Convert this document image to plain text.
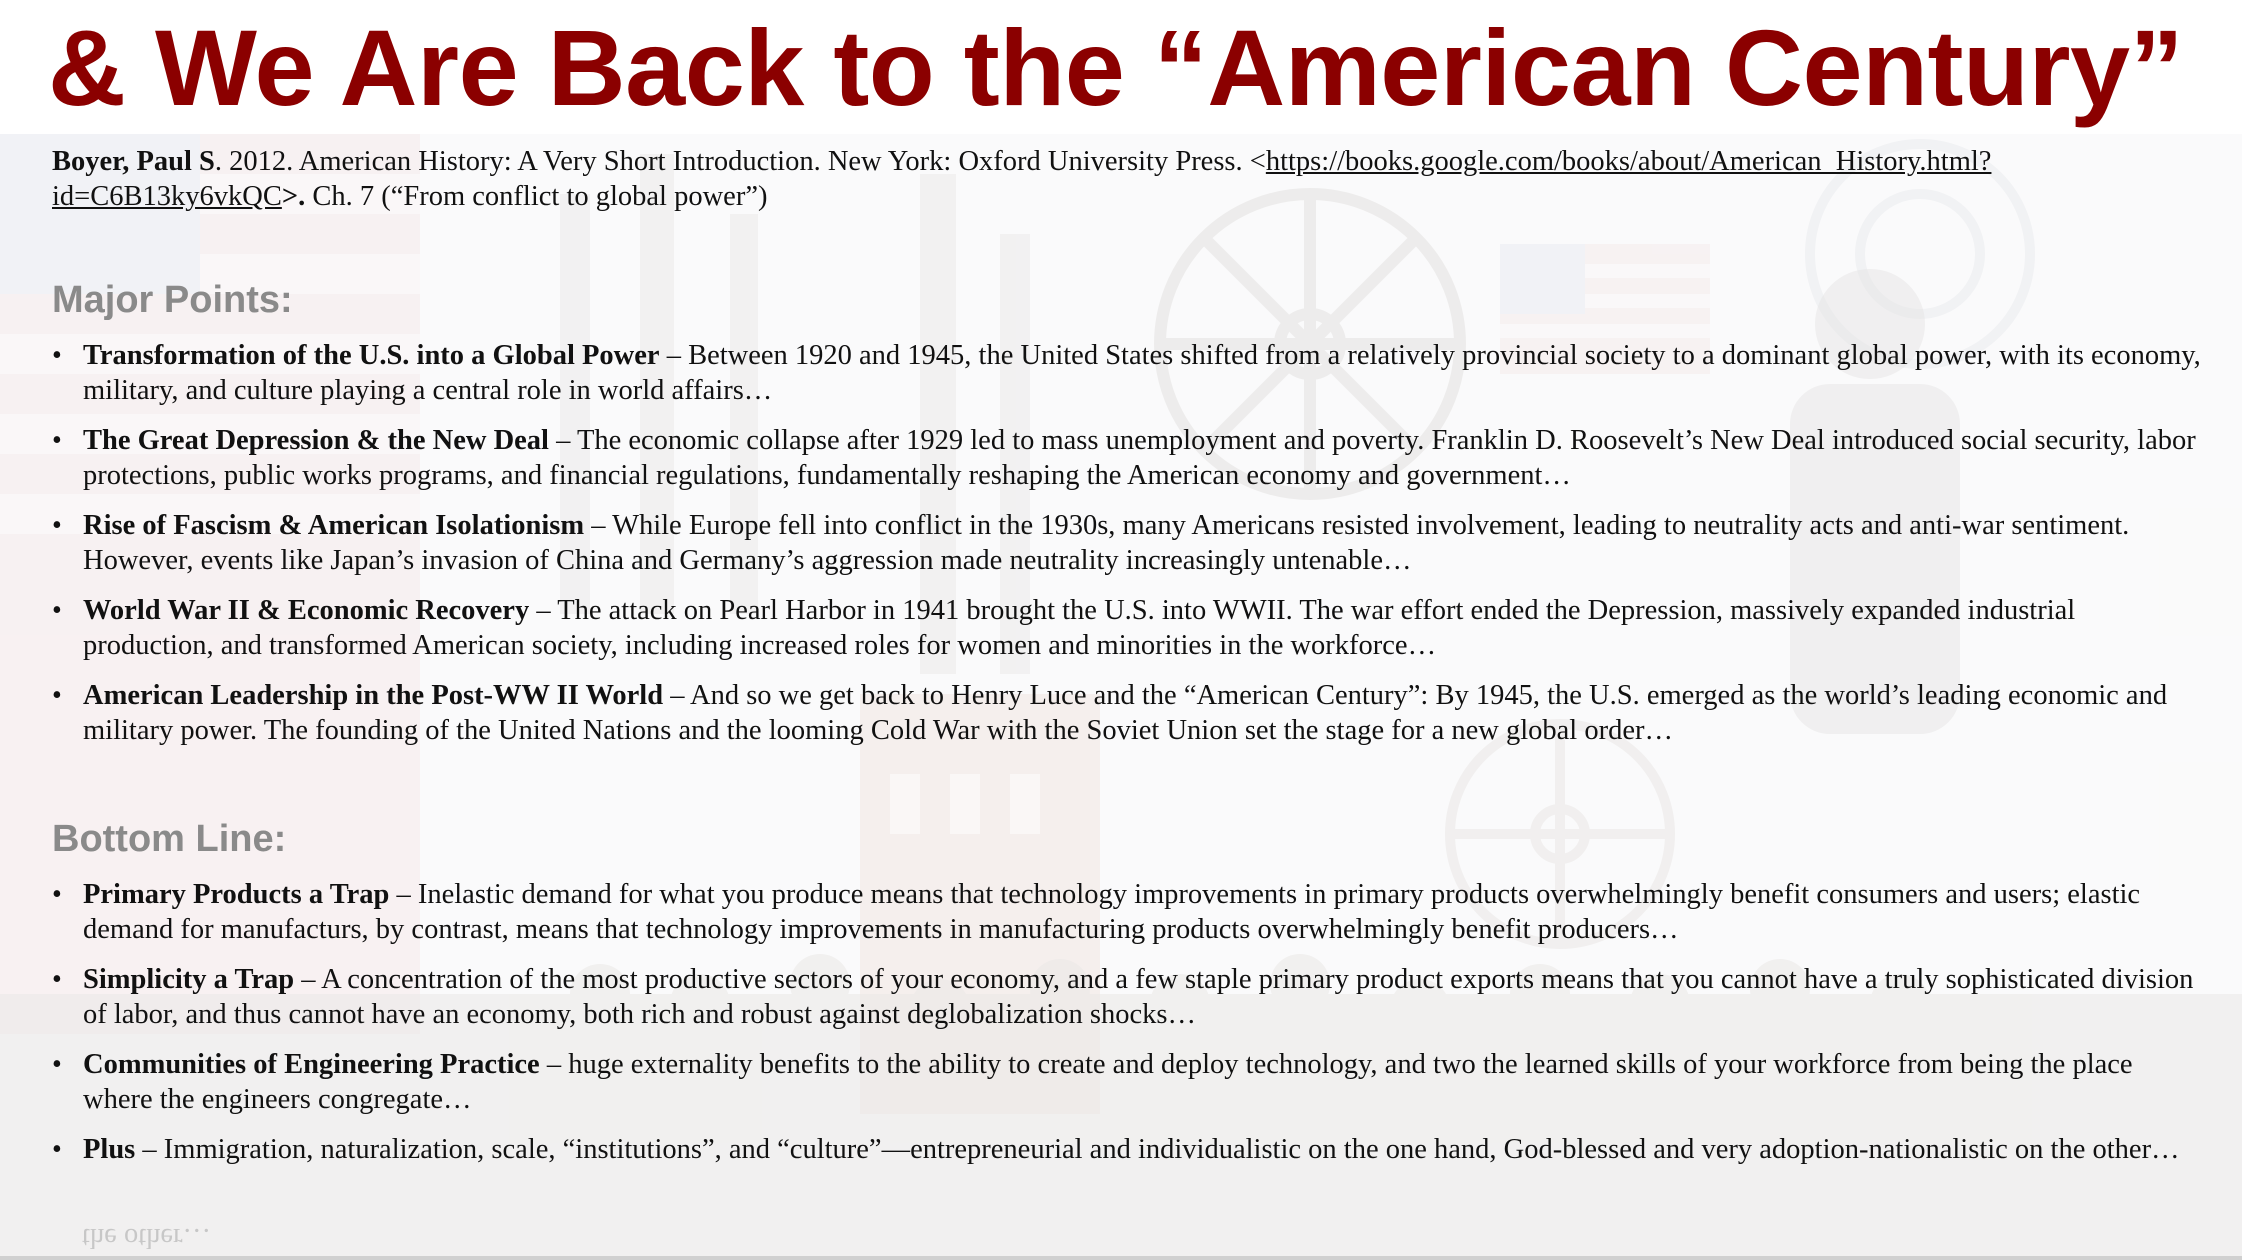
& We Are Back to the “American Century”

Boyer, Paul S. 2012. American History: A Very Short Introduction. New York: Oxford University Press. <https://books.google.com/books/about/American_History.html?id=C6B13ky6vkQC>. Ch. 7 (“From conflict to global power”)

Major Points:
• Transformation of the U.S. into a Global Power – Between 1920 and 1945, the United States shifted from a relatively provincial society to a dominant global power, with its economy, military, and culture playing a central role in world affairs…
• The Great Depression & the New Deal – The economic collapse after 1929 led to mass unemployment and poverty. Franklin D. Roosevelt’s New Deal introduced social security, labor protections, public works programs, and financial regulations, fundamentally reshaping the American economy and government…
• Rise of Fascism & American Isolationism – While Europe fell into conflict in the 1930s, many Americans resisted involvement, leading to neutrality acts and anti-war sentiment. However, events like Japan’s invasion of China and Germany’s aggression made neutrality increasingly untenable…
• World War II & Economic Recovery – The attack on Pearl Harbor in 1941 brought the U.S. into WWII. The war effort ended the Depression, massively expanded industrial production, and transformed American society, including increased roles for women and minorities in the workforce…
• American Leadership in the Post-WW II World – And so we get back to Henry Luce and the “American Century”: By 1945, the U.S. emerged as the world’s leading economic and military power. The founding of the United Nations and the looming Cold War with the Soviet Union set the stage for a new global order…
Bottom Line:
• Primary Products a Trap – Inelastic demand for what you produce means that technology improvements in primary products overwhelmingly benefit consumers and users; elastic demand for manufacturs, by contrast, means that technology improvements in manufacturing products overwhelmingly benefit producers…
• Simplicity a Trap – A concentration of the most productive sectors of your economy, and a few staple primary product exports means that you cannot have a truly sophisticated division of labor, and thus cannot have an economy, both rich and robust against deglobalization shocks…
• Communities of Engineering Practice – huge externality benefits to the ability to create and deploy technology, and two the learned skills of your workforce from being the place where the engineers congregate…
• Plus – Immigration, naturalization, scale, “institutions”, and “culture”—entrepreneurial and individualistic on the one hand, God-blessed and very adoption-nationalistic on the other…
the other…
